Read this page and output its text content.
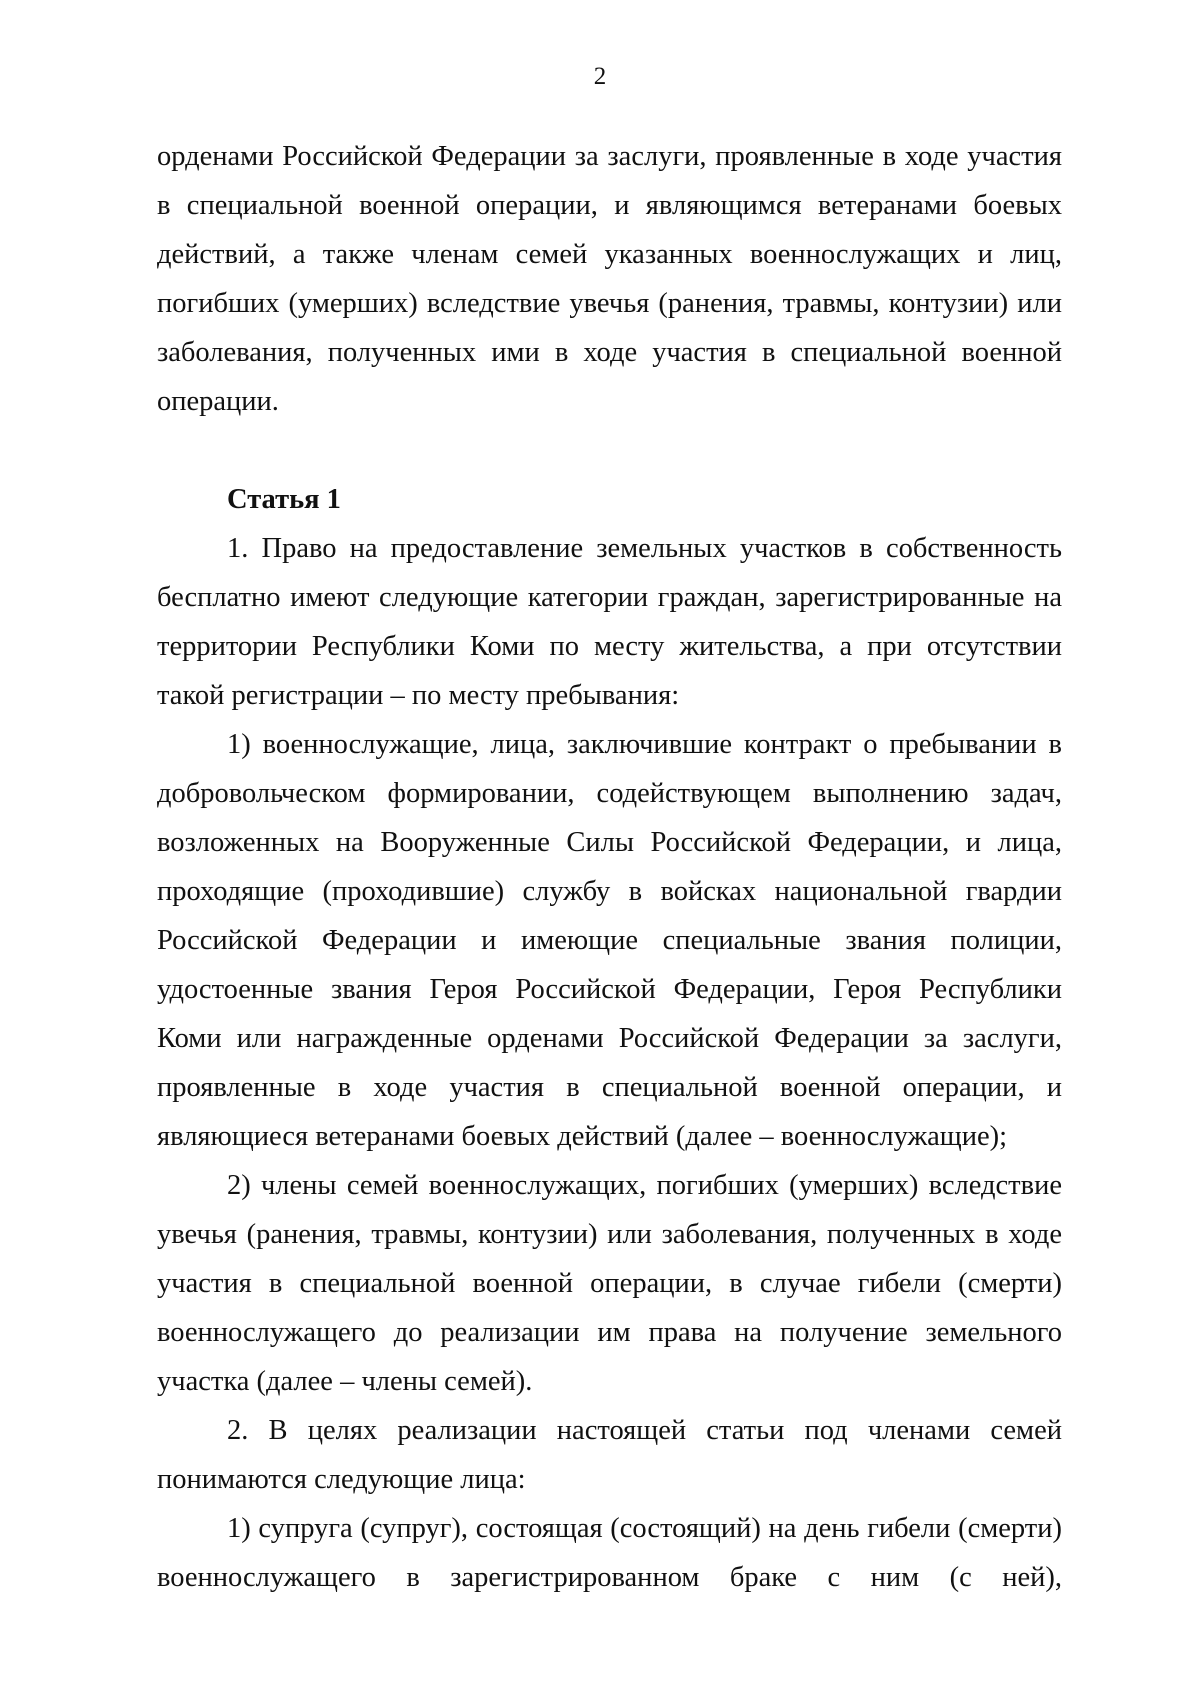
2

орденами Российской Федерации за заслуги, проявленные в ходе участия в специальной военной операции, и являющимся ветеранами боевых действий, а также членам семей указанных военнослужащих и лиц, погибших (умерших) вследствие увечья (ранения, травмы, контузии) или заболевания, полученных ими в ходе участия в специальной военной операции.

Статья 1

1. Право на предоставление земельных участков в собственность бесплатно имеют следующие категории граждан, зарегистрированные на территории Республики Коми по месту жительства, а при отсутствии такой регистрации – по месту пребывания:

1) военнослужащие, лица, заключившие контракт о пребывании в добровольческом формировании, содействующем выполнению задач, возложенных на Вооруженные Силы Российской Федерации, и лица, проходящие (проходившие) службу в войсках национальной гвардии Российской Федерации и имеющие специальные звания полиции, удостоенные звания Героя Российской Федерации, Героя Республики Коми или награжденные орденами Российской Федерации за заслуги, проявленные в ходе участия в специальной военной операции, и являющиеся ветеранами боевых действий (далее – военнослужащие);

2) члены семей военнослужащих, погибших (умерших) вследствие увечья (ранения, травмы, контузии) или заболевания, полученных в ходе участия в специальной военной операции, в случае гибели (смерти) военнослужащего до реализации им права на получение земельного участка (далее – члены семей).

2. В целях реализации настоящей статьи под членами семей понимаются следующие лица:

1) супруга (супруг), состоящая (состоящий) на день гибели (смерти) военнослужащего в зарегистрированном браке с ним (с ней),
